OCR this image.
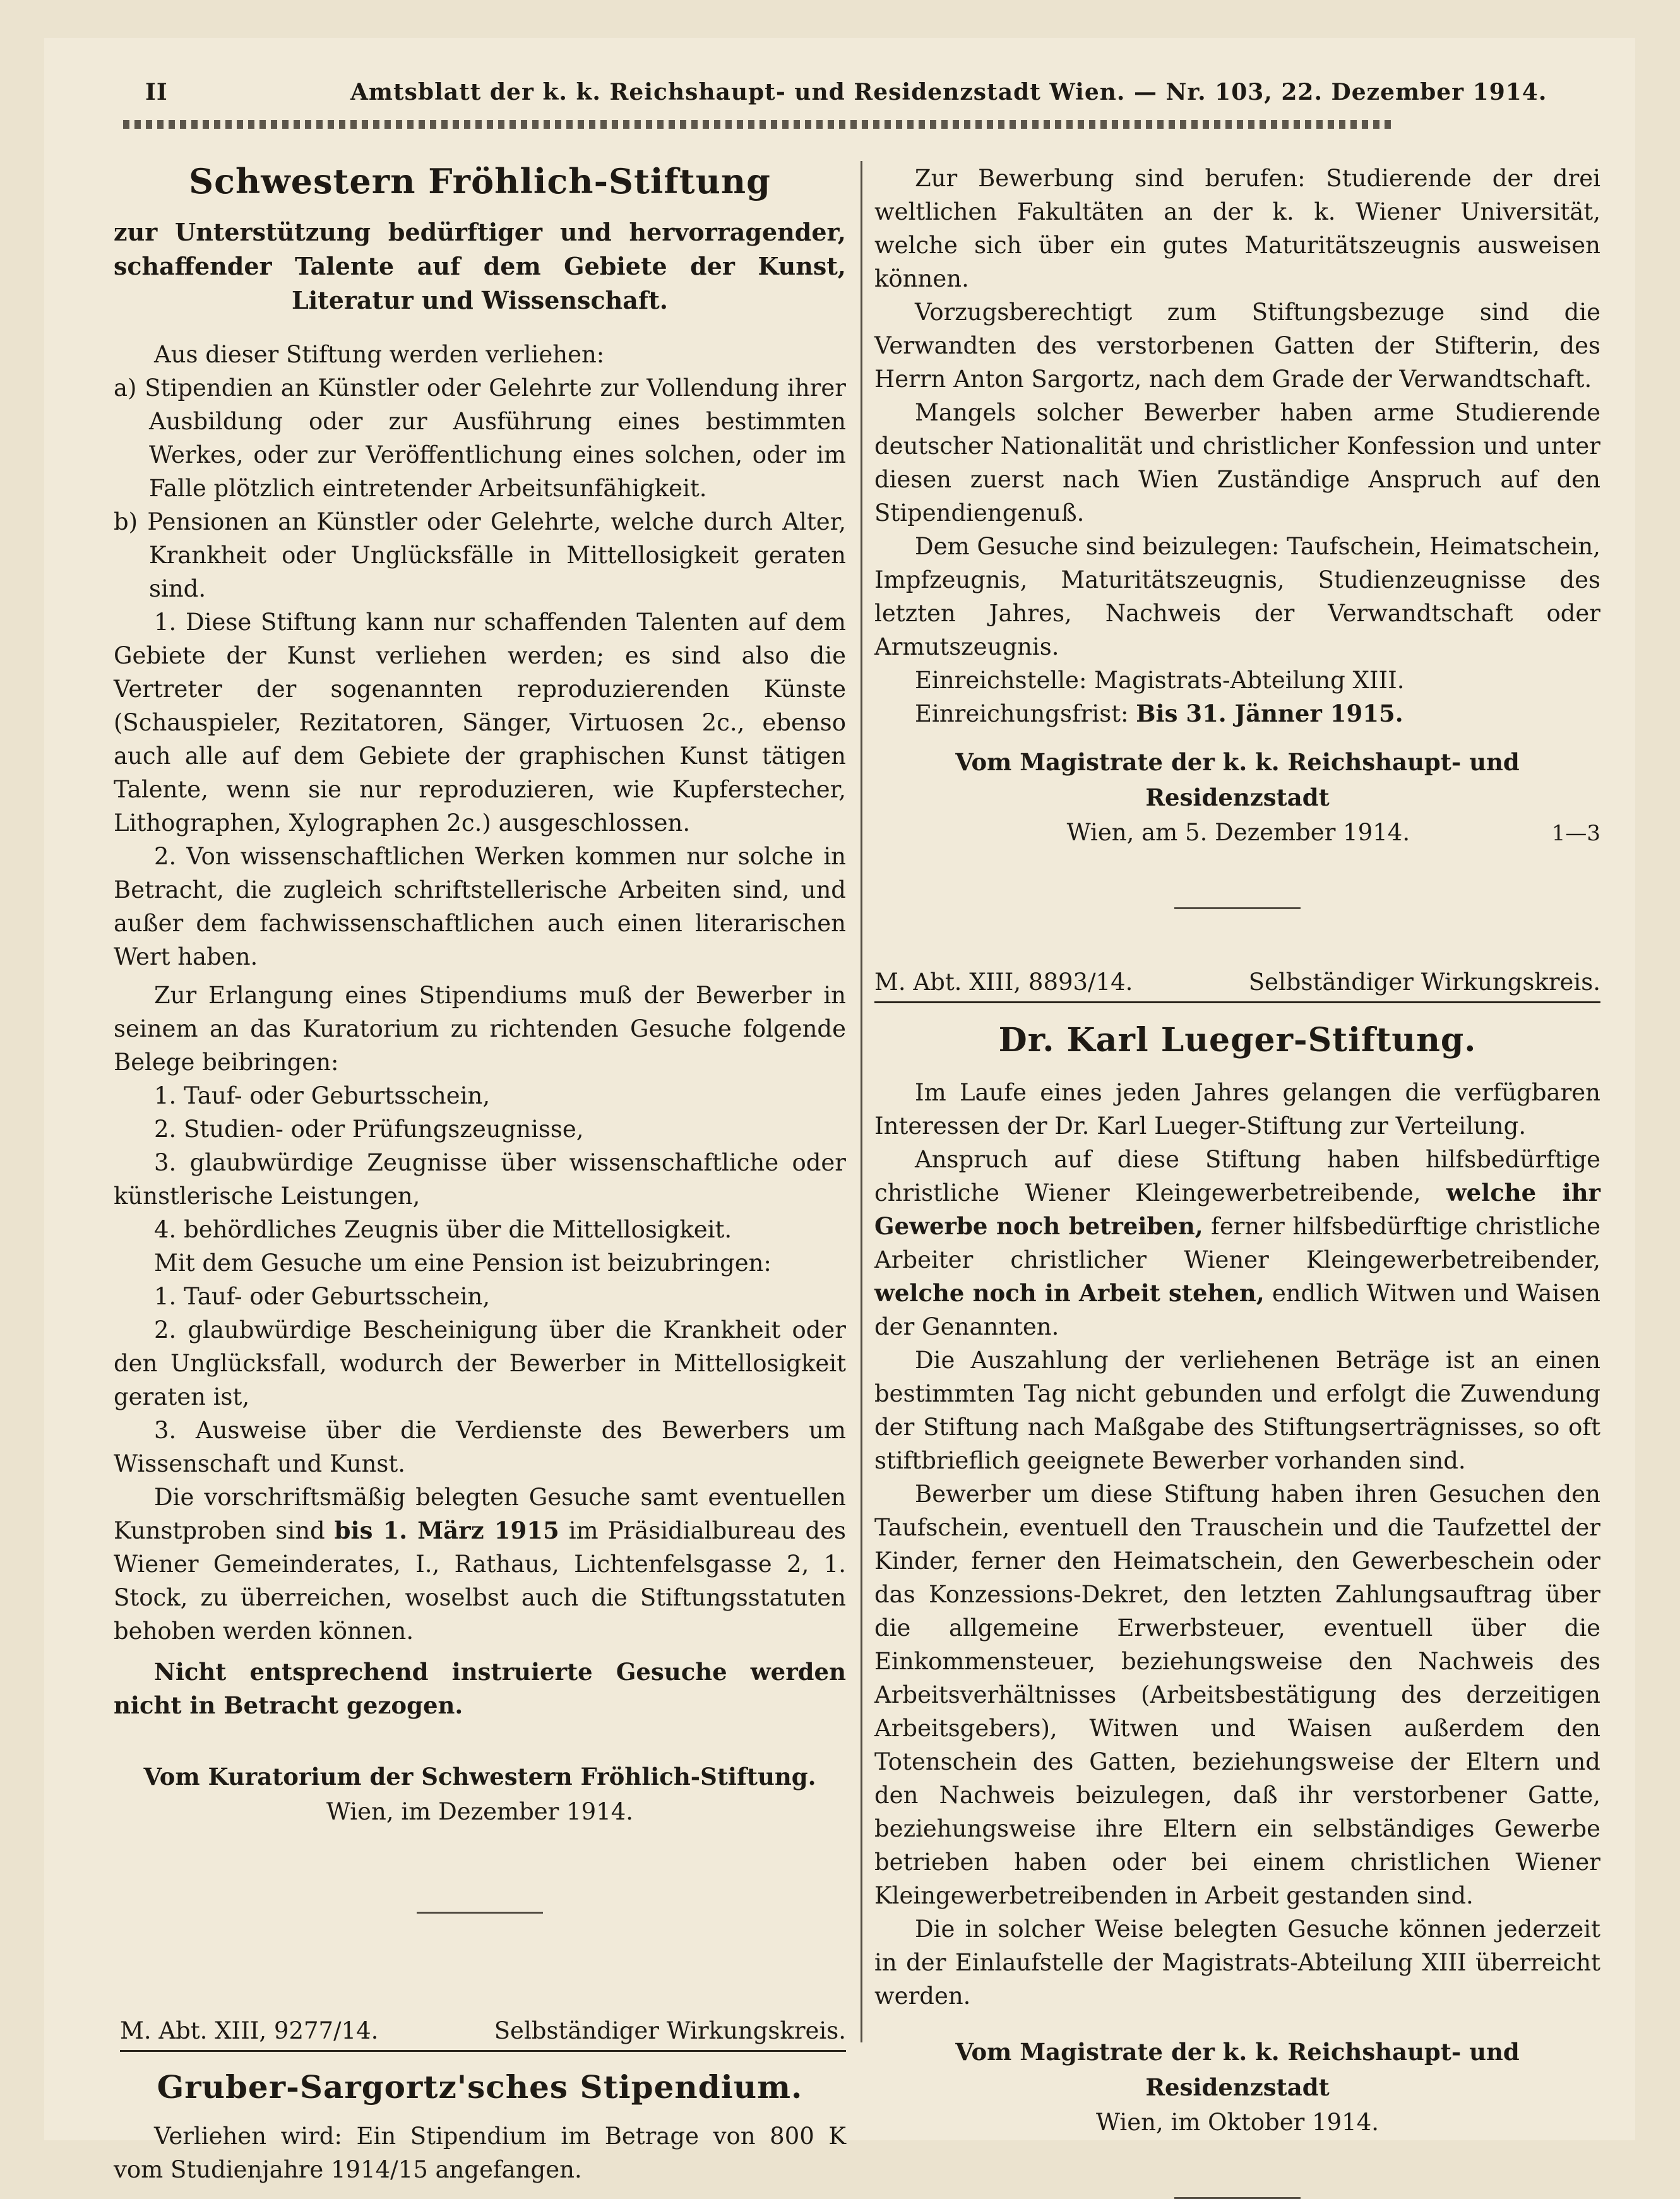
II	Amtsblatt der k. k. Reichshaupt- und Residenzstadt Wien. — Nr. 103, 22. Dezember 1914.
Schwestern Fröhlich-Stiftung
zur Unterstützung bedürftiger und hervorragender, schaffender Talente auf dem Gebiete der Kunst, Literatur und Wissenschaft.

Aus dieser Stiftung werden verliehen:

a) Stipendien an Künstler oder Gelehrte zur Vollendung ihrer Ausbildung oder zur Ausführung eines bestimmten Werkes, oder zur Veröffentlichung eines solchen, oder im Falle plötzlich eintretender Arbeitsunfähigkeit.

b) Pensionen an Künstler oder Gelehrte, welche durch Alter, Krankheit oder Unglücksfälle in Mittellosigkeit geraten sind.

1. Diese Stiftung kann nur schaffenden Talenten auf dem Gebiete der Kunst verliehen werden; es sind also die Vertreter der sogenannten reproduzierenden Künste (Schauspieler, Rezitatoren, Sänger, Virtuosen 2c., ebenso auch alle auf dem Gebiete der graphischen Kunst tätigen Talente, wenn sie nur reproduzieren, wie Kupferstecher, Lithographen, Xylographen 2c.) ausgeschlossen.

2. Von wissenschaftlichen Werken kommen nur solche in Betracht, die zugleich schriftstellerische Arbeiten sind, und außer dem fachwissenschaftlichen auch einen literarischen Wert haben.

Zur Erlangung eines Stipendiums muß der Bewerber in seinem an das Kuratorium zu richtenden Gesuche folgende Belege beibringen:

1. Tauf- oder Geburtsschein,

2. Studien- oder Prüfungszeugnisse,

3. glaubwürdige Zeugnisse über wissenschaftliche oder künstlerische Leistungen,

4. behördliches Zeugnis über die Mittellosigkeit.

Mit dem Gesuche um eine Pension ist beizubringen:

1. Tauf- oder Geburtsschein,

2. glaubwürdige Bescheinigung über die Krankheit oder den Unglücksfall, wodurch der Bewerber in Mittellosigkeit geraten ist,

3. Ausweise über die Verdienste des Bewerbers um Wissenschaft und Kunst.

Die vorschriftsmäßig belegten Gesuche samt eventuellen Kunstproben sind bis 1. März 1915 im Präsidialbureau des Wiener Gemeinderates, I., Rathaus, Lichtenfelsgasse 2, 1. Stock, zu überreichen, woselbst auch die Stiftungsstatuten behoben werden können.

Nicht entsprechend instruierte Gesuche werden nicht in Betracht gezogen.

Vom Kuratorium der Schwestern Fröhlich-Stiftung.
Wien, im Dezember 1914.
M. Abt. XIII, 9277/14.	Selbständiger Wirkungskreis.
Gruber-Sargortz'sches Stipendium.

Verliehen wird: Ein Stipendium im Betrage von 800 K vom Studienjahre 1914/15 angefangen.

Zur Bewerbung sind berufen: Studierende der drei weltlichen Fakultäten an der k. k. Wiener Universität, welche sich über ein gutes Maturitätszeugnis ausweisen können.

Vorzugsberechtigt zum Stiftungsbezuge sind die Verwandten des verstorbenen Gatten der Stifterin, des Herrn Anton Sargortz, nach dem Grade der Verwandtschaft.

Mangels solcher Bewerber haben arme Studierende deutscher Nationalität und christlicher Konfession und unter diesen zuerst nach Wien Zuständige Anspruch auf den Stipendiengenuß.

Dem Gesuche sind beizulegen: Taufschein, Heimatschein, Impfzeugnis, Maturitätszeugnis, Studienzeugnisse des letzten Jahres, Nachweis der Verwandtschaft oder Armutszeugnis.

Einreichstelle: Magistrats-Abteilung XIII.

Einreichungsfrist: Bis 31. Jänner 1915.

Vom Magistrate der k. k. Reichshaupt- und Residenzstadt
Wien, am 5. Dezember 1914.	1—3
M. Abt. XIII, 8893/14.	Selbständiger Wirkungskreis.
Dr. Karl Lueger-Stiftung.

Im Laufe eines jeden Jahres gelangen die verfügbaren Interessen der Dr. Karl Lueger-Stiftung zur Verteilung.

Anspruch auf diese Stiftung haben hilfsbedürftige christliche Wiener Kleingewerbetreibende, welche ihr Gewerbe noch betreiben, ferner hilfsbedürftige christliche Arbeiter christlicher Wiener Kleingewerbetreibender, welche noch in Arbeit stehen, endlich Witwen und Waisen der Genannten.

Die Auszahlung der verliehenen Beträge ist an einen bestimmten Tag nicht gebunden und erfolgt die Zuwendung der Stiftung nach Maßgabe des Stiftungserträgnisses, so oft stiftbrieflich geeignete Bewerber vorhanden sind.

Bewerber um diese Stiftung haben ihren Gesuchen den Taufschein, eventuell den Trauschein und die Taufzettel der Kinder, ferner den Heimatschein, den Gewerbeschein oder das Konzessions-Dekret, den letzten Zahlungsauftrag über die allgemeine Erwerbsteuer, eventuell über die Einkommensteuer, beziehungsweise den Nachweis des Arbeitsverhältnisses (Arbeitsbestätigung des derzeitigen Arbeitsgebers), Witwen und Waisen außerdem den Totenschein des Gatten, beziehungsweise der Eltern und den Nachweis beizulegen, daß ihr verstorbener Gatte, beziehungsweise ihre Eltern ein selbständiges Gewerbe betrieben haben oder bei einem christlichen Wiener Kleingewerbetreibenden in Arbeit gestanden sind.

Die in solcher Weise belegten Gesuche können jederzeit in der Einlaufstelle der Magistrats-Abteilung XIII überreicht werden.

Vom Magistrate der k. k. Reichshaupt- und Residenzstadt
Wien, im Oktober 1914.
